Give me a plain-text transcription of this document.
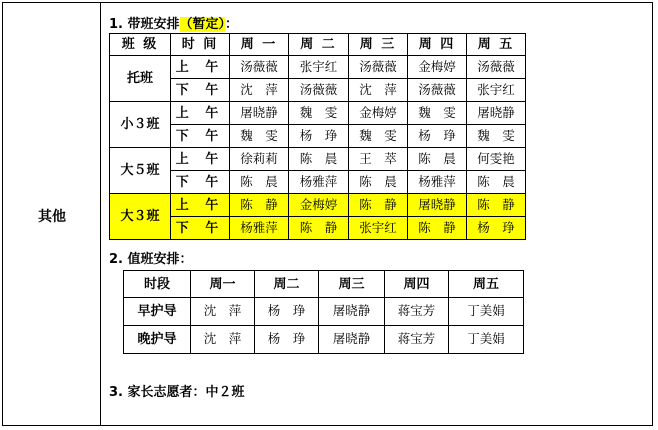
其他
1. 带班安排（暂定）：
班 级	时 间	周 一	周 二	周 三	周 四	周 五
托班	上 午	汤薇薇	张宇红	汤薇薇	金梅婷	汤薇薇
	下 午	沈　萍	汤薇薇	沈　萍	汤薇薇	张宇红
小３班	上 午	屠晓静	魏　雯	金梅婷	魏　雯	屠晓静
	下 午	魏　雯	杨　琤	魏　雯	杨　琤	魏　雯
大５班	上 午	徐莉莉	陈　晨	王　萃	陈　晨	何雯艳
	下 午	陈　晨	杨雅萍	陈　晨	杨雅萍	陈　晨
大３班	上 午	陈　静	金梅婷	陈　静	屠晓静	陈　静
	下 午	杨雅萍	陈　静	张宇红	陈　静	杨　琤
2. 值班安排：
时段	周一	周二	周三	周四	周五
早护导	沈　萍	杨　琤	屠晓静	蒋宝芳	丁美娟
晚护导	沈　萍	杨　琤	屠晓静	蒋宝芳	丁美娟
3. 家长志愿者：中２班
